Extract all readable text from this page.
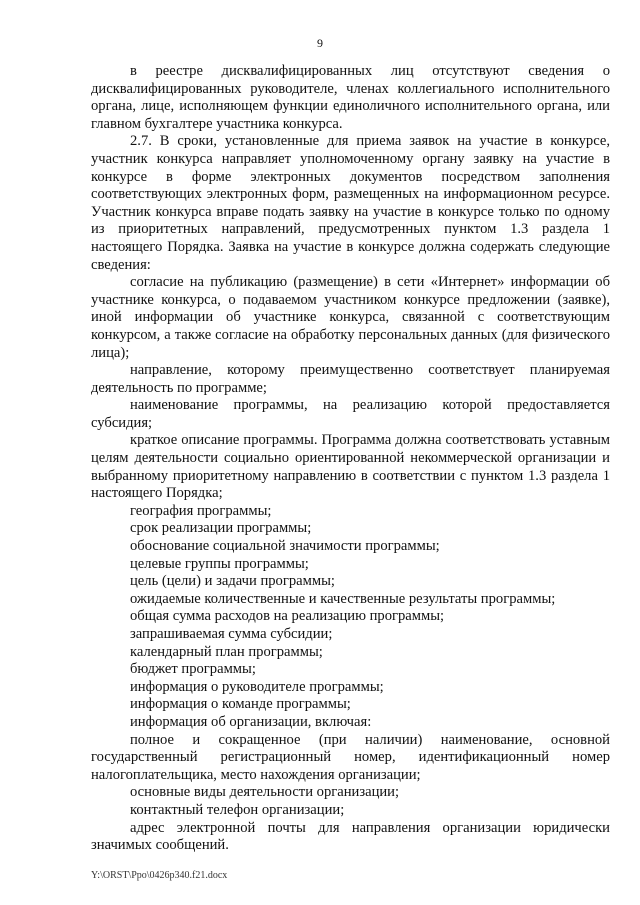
9

в реестре дисквалифицированных лиц отсутствуют сведения о дисквалифицированных руководителе, членах коллегиального исполнительного органа, лице, исполняющем функции единоличного исполнительного органа, или главном бухгалтере участника конкурса.

2.7. В сроки, установленные для приема заявок на участие в конкурсе, участник конкурса направляет уполномоченному органу заявку на участие в конкурсе в форме электронных документов посредством заполнения соответствующих электронных форм, размещенных на информационном ресурсе. Участник конкурса вправе подать заявку на участие в конкурсе только по одному из приоритетных направлений, предусмотренных пунктом 1.3 раздела 1 настоящего Порядка. Заявка на участие в конкурсе должна содержать следующие сведения:

согласие на публикацию (размещение) в сети «Интернет» информации об участнике конкурса, о подаваемом участником конкурсе предложении (заявке), иной информации об участнике конкурса, связанной с соответствующим конкурсом, а также согласие на обработку персональных данных (для физического лица);

направление, которому преимущественно соответствует планируемая деятельность по программе;

наименование программы, на реализацию которой предоставляется субсидия;

краткое описание программы. Программа должна соответствовать уставным целям деятельности социально ориентированной некоммерческой организации и выбранному приоритетному направлению в соответствии с пунктом 1.3 раздела 1 настоящего Порядка;

география программы;

срок реализации программы;

обоснование социальной значимости программы;

целевые группы программы;

цель (цели) и задачи программы;

ожидаемые количественные и качественные результаты программы;

общая сумма расходов на реализацию программы;

запрашиваемая сумма субсидии;

календарный план программы;

бюджет программы;

информация о руководителе программы;

информация о команде программы;

информация об организации, включая:

полное и сокращенное (при наличии) наименование, основной государственный регистрационный номер, идентификационный номер налогоплательщика, место нахождения организации;

основные виды деятельности организации;

контактный телефон организации;

адрес электронной почты для направления организации юридически значимых сообщений.

Y:\ORST\Ppo\0426p340.f21.docx
